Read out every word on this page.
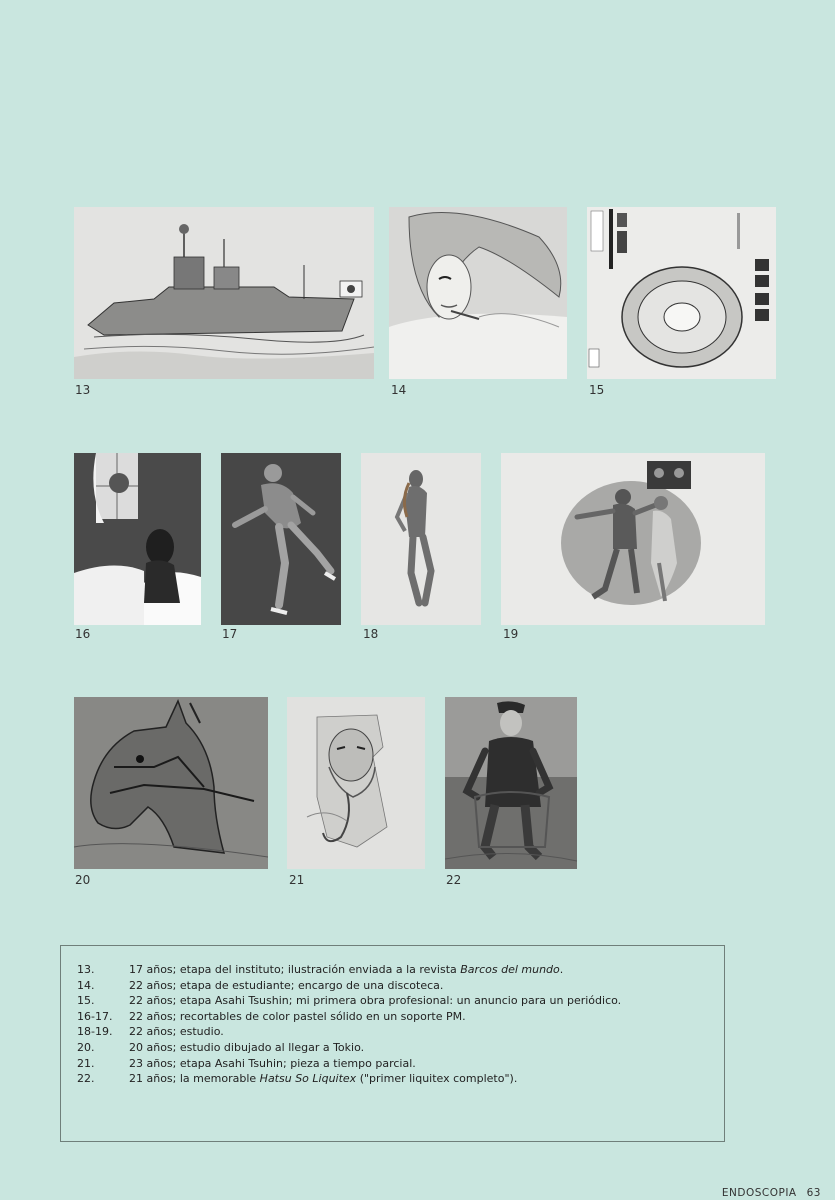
13	14	15
16	17	18	19
20	21	22
13.	17 años; etapa del instituto; ilustración enviada a la revista Barcos del mundo.
14.	22 años; etapa de estudiante; encargo de una discoteca.
15.	22 años; etapa Asahi Tsushin; mi primera obra profesional: un anuncio para un periódico.
16-17.	22 años; recortables de color pastel sólido en un soporte PM.
18-19.	22 años; estudio.
20.	20 años; estudio dibujado al llegar a Tokio.
21.	23 años; etapa Asahi Tsuhin; pieza a tiempo parcial.
22.	21 años; la memorable Hatsu So Liquitex ("primer liquitex completo").
ENDOSCOPIA 63
